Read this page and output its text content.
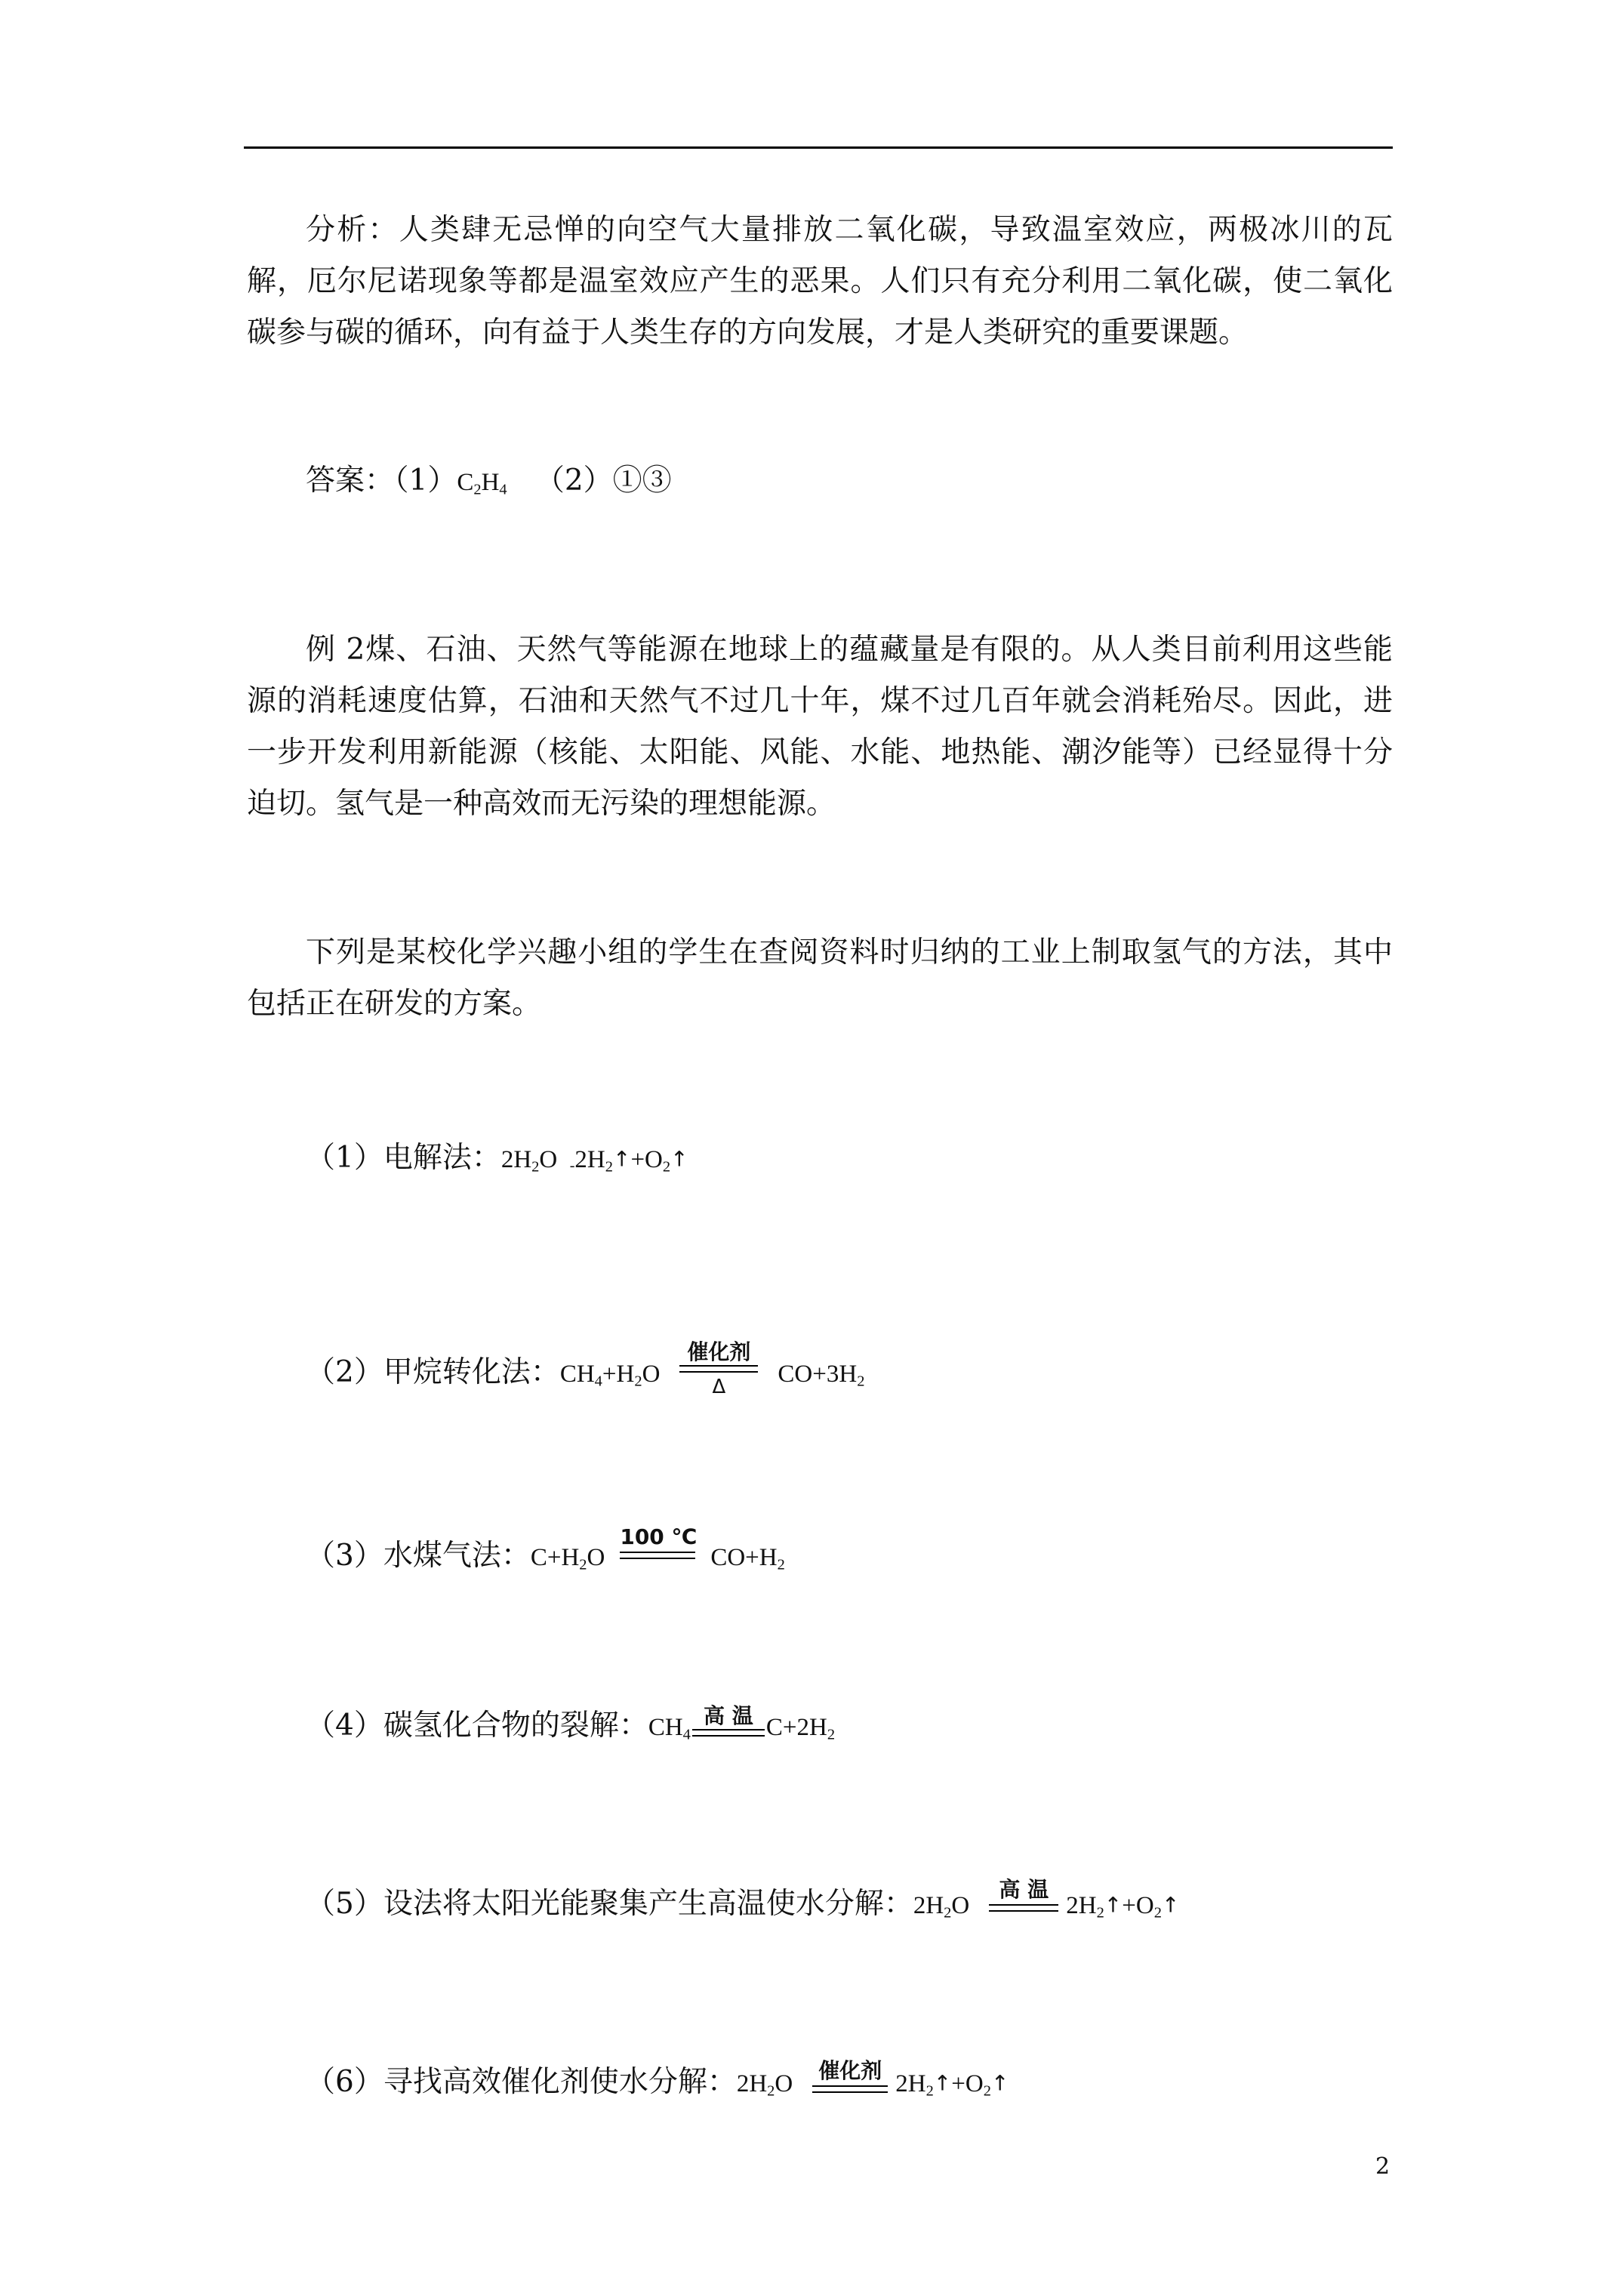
分析：人类肆无忌惮的向空气大量排放二氧化碳，导致温室效应，两极冰川的瓦解，厄尔尼诺现象等都是温室效应产生的恶果。人们只有充分利用二氧化碳，使二氧化碳参与碳的循环，向有益于人类生存的方向发展，才是人类研究的重要课题。

答案：$(1)C_2H_4$ （2）①③

例 2煤、石油、天然气等能源在地球上的蕴藏量是有限的。从人类目前利用这些能源的消耗速度估算，石油和天然气不过几十年，煤不过几百年就会消耗殆尽。因此，进一步开发利用新能源（核能、太阳能、风能、水能、地热能、潮汐能等）已经显得十分迫切。氢气是一种高效而无污染的理想能源。

下列是某校化学兴趣小组的学生在查阅资料时归纳的工业上制取氢气的方法，其中包括正在研发的方案。

（1）电解法：$2H_2O$  $-2H_2↑+O_2↑$

（2）甲烷转化法：$CH_4+H_2O$
催化剂
Δ	$CO+3H_2$

（3）水煤气法：$C+H_2O$
100 ℃
$CO+H_2$

（4）碳氢化合物的裂解：$CH_4$
高 温 $C+2H_2$

（5）设法将太阳光能聚集产生高温使水分解：$2H_2O$
高 温
$2H_2↑+O_2↑$

（6）寻找高效催化剂使水分解：$2H_2O$ 催化剂 $2H_2↑+O_2↑$

2
